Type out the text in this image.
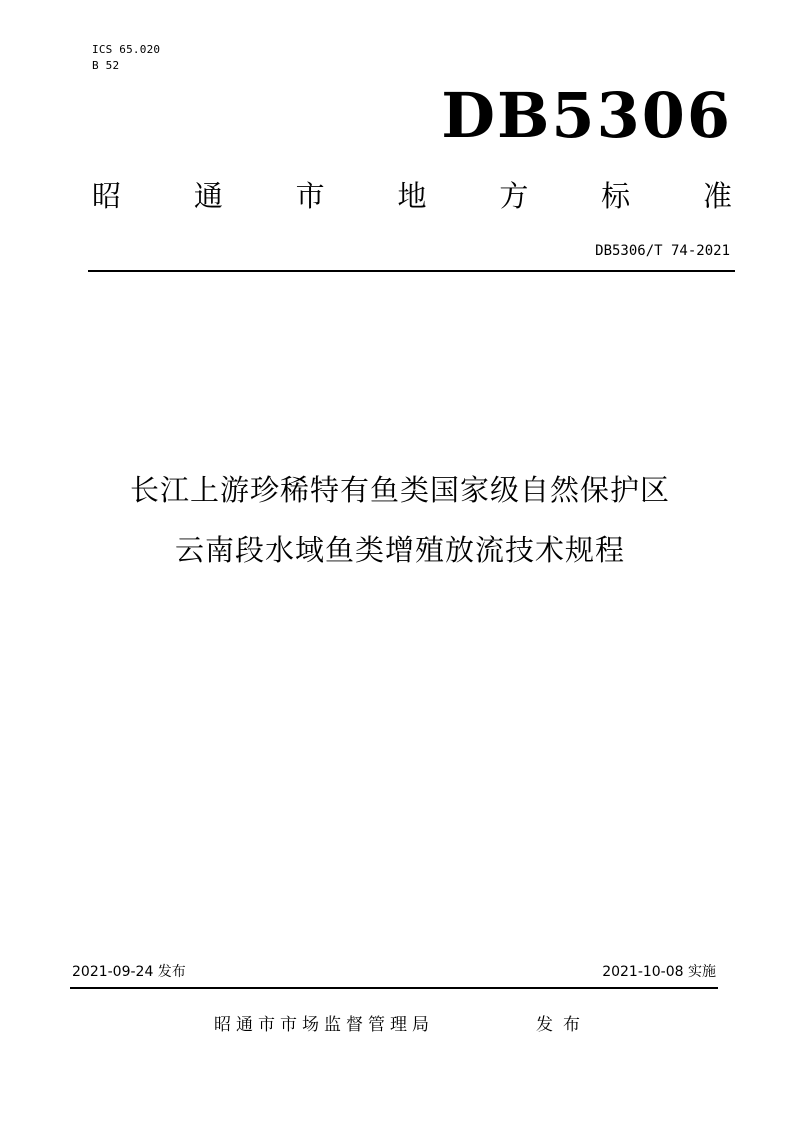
ICS 65.020
B 52
DB5306
昭	通	市	地	方	标	准
DB5306/T 74-2021
长江上游珍稀特有鱼类国家级自然保护区
云南段水域鱼类增殖放流技术规程
2021-09-24 发布	2021-10-08 实施
昭通市市场监督管理局	发布
